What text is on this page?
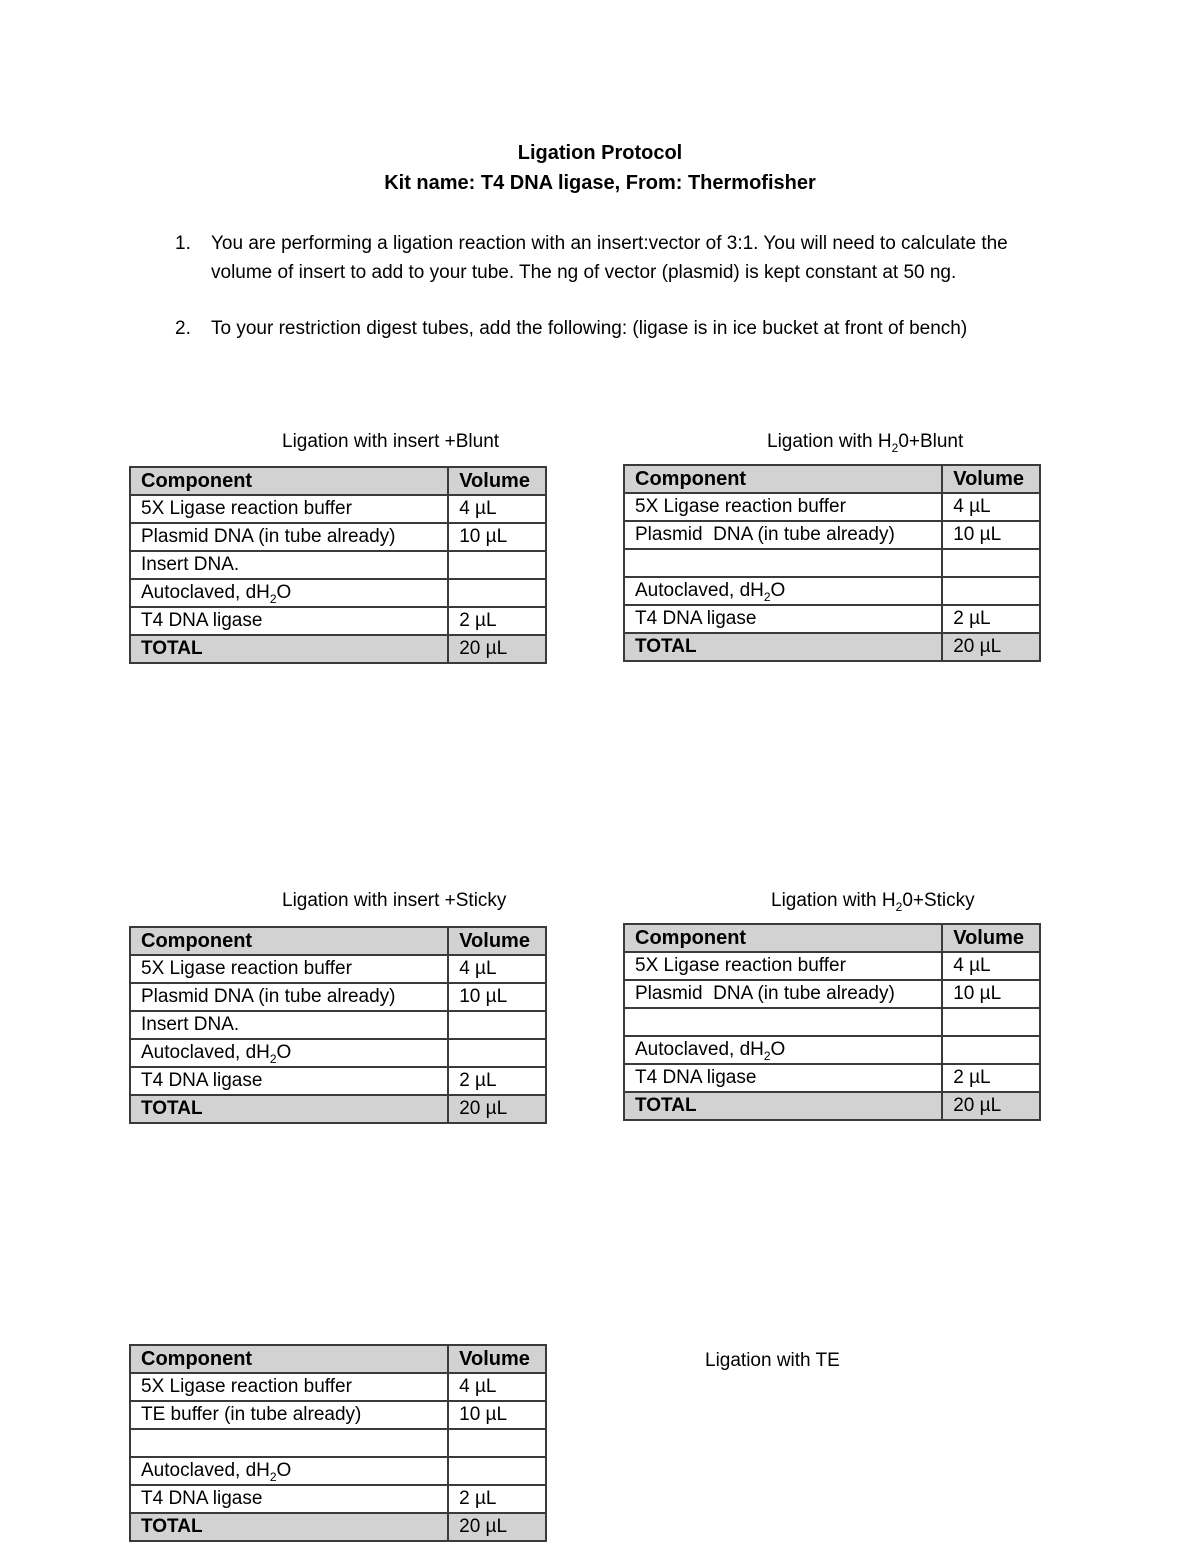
Ligation Protocol
Kit name: T4 DNA ligase, From: Thermofisher
1.	You are performing a ligation reaction with an insert:vector of 3:1. You will need to calculate the volume of insert to add to your tube. The ng of vector (plasmid) is kept constant at 50 ng.
2.	To your restriction digest tubes, add the following: (ligase is in ice bucket at front of bench)
Ligation with insert +Blunt	Ligation with $H_20+Blunt$
Ligation with insert +Sticky	Ligation with $H_20+Sticky$
Ligation with TE
Component	Volume
5X Ligase reaction buffer	4 µL
Plasmid DNA (in tube already)	10 µL
Insert DNA.	
Autoclaved, $dH_2O$	
T4 DNA ligase	2 µL
TOTAL	20 µL
Component	Volume
5X Ligase reaction buffer	4 µL
Plasmid  DNA (in tube already)	10 µL

Autoclaved, $dH_2O$	
T4 DNA ligase	2 µL
TOTAL	20 µL
Component	Volume
5X Ligase reaction buffer	4 µL
Plasmid DNA (in tube already)	10 µL
Insert DNA.	
Autoclaved, $dH_2O$	
T4 DNA ligase	2 µL
TOTAL	20 µL
Component	Volume
5X Ligase reaction buffer	4 µL
Plasmid  DNA (in tube already)	10 µL

Autoclaved, $dH_2O$	
T4 DNA ligase	2 µL
TOTAL	20 µL
Component	Volume
5X Ligase reaction buffer	4 µL
TE buffer (in tube already)	10 µL

Autoclaved, $dH_2O$	
T4 DNA ligase	2 µL
TOTAL	20 µL
